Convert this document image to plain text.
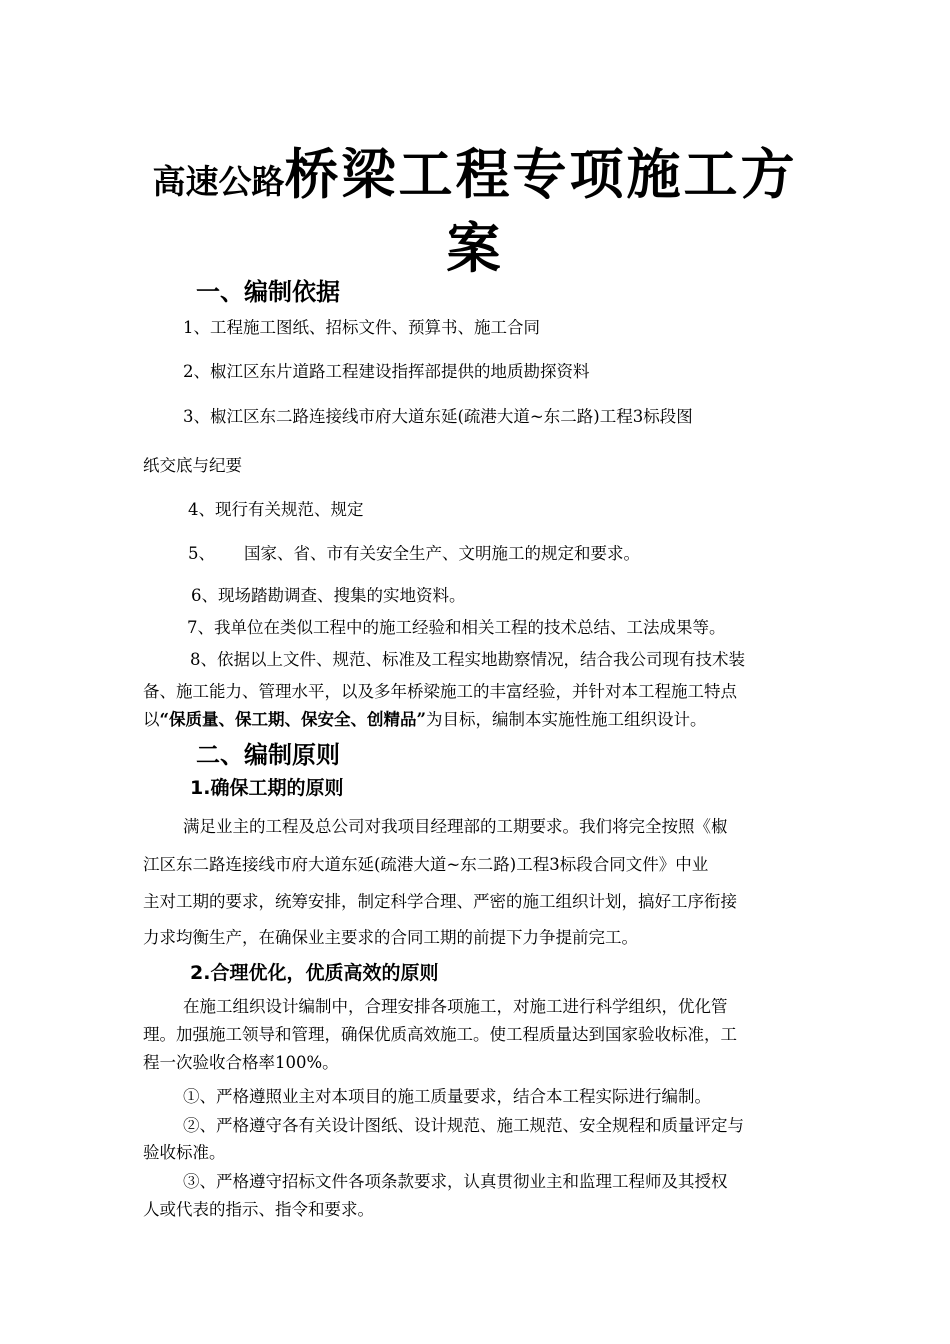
高速公路桥梁工程专项施工方
案
一、编制依据
1、工程施工图纸、招标文件、预算书、施工合同
2、椒江区东片道路工程建设指挥部提供的地质勘探资料
3、椒江区东二路连接线市府大道东延(疏港大道~东二路)工程3标段图
纸交底与纪要
4、现行有关规范、规定
5、 国家、省、市有关安全生产、文明施工的规定和要求。
6、现场踏勘调查、搜集的实地资料。
7、我单位在类似工程中的施工经验和相关工程的技术总结、工法成果等。
8、依据以上文件、规范、标准及工程实地勘察情况，结合我公司现有技术装
备、施工能力、管理水平，以及多年桥梁施工的丰富经验，并针对本工程施工特点
以“保质量、保工期、保安全、创精品”为目标，编制本实施性施工组织设计。
二、编制原则
1.确保工期的原则
满足业主的工程及总公司对我项目经理部的工期要求。我们将完全按照《椒
江区东二路连接线市府大道东延(疏港大道~东二路)工程3标段合同文件》中业
主对工期的要求，统筹安排，制定科学合理、严密的施工组织计划，搞好工序衔接
力求均衡生产，在确保业主要求的合同工期的前提下力争提前完工。
2.合理优化，优质高效的原则
在施工组织设计编制中，合理安排各项施工，对施工进行科学组织，优化管
理。加强施工领导和管理，确保优质高效施工。使工程质量达到国家验收标准，工
程一次验收合格率100%。
①、严格遵照业主对本项目的施工质量要求，结合本工程实际进行编制。
②、严格遵守各有关设计图纸、设计规范、施工规范、安全规程和质量评定与
验收标准。
③、严格遵守招标文件各项条款要求，认真贯彻业主和监理工程师及其授权
人或代表的指示、指令和要求。
